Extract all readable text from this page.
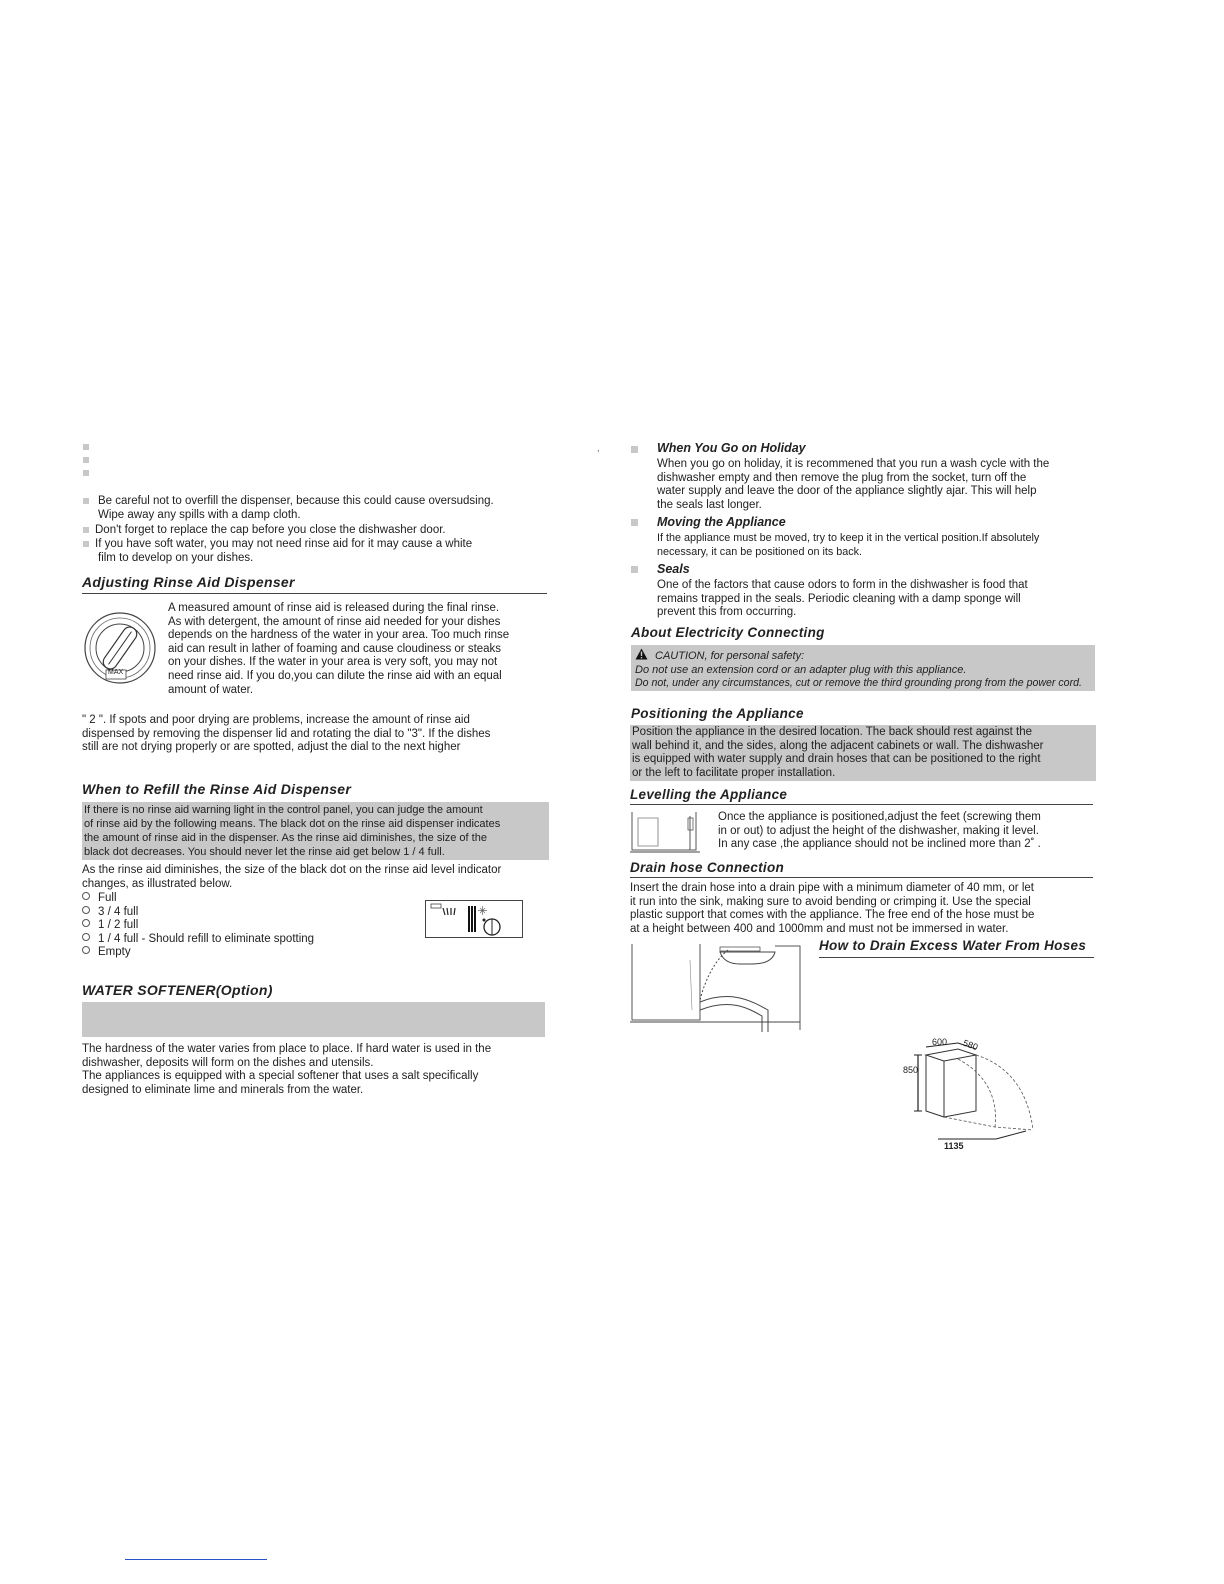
Be careful not to overfill the dispenser, because this could cause oversudsing.
Wipe away any spills with a damp cloth.
Don't forget to replace the cap before you close the dishwasher door.
If you have soft water, you may not need rinse aid for it may cause a white
film to develop on your dishes.
Adjusting Rinse Aid Dispenser
MAX
A measured amount of rinse aid is released during the final rinse.
As with detergent, the amount of rinse aid needed for your dishes
depends on the hardness of the water in your area. Too much rinse
aid can result in lather of foaming and cause cloudiness or steaks
on your dishes. If the water in your area is very soft, you may not
need rinse aid. If you do,you can dilute the rinse aid with an equal
amount of water.
" 2 ". If spots and poor drying are problems, increase the amount of rinse aid
dispensed by removing the dispenser lid and rotating the dial to "3". If the dishes
still are not drying properly or are spotted, adjust the dial to the next higher
When to Refill the Rinse Aid Dispenser
If there is no rinse aid warning light in the control panel, you can judge the amount
of rinse aid by the following means. The black dot on the rinse aid dispenser indicates
the amount of rinse aid in the dispenser. As the rinse aid diminishes, the size of the
black dot decreases. You should never let the rinse aid get below 1 / 4 full.
As the rinse aid diminishes, the size of the black dot on the rinse aid level indicator
changes, as illustrated below.
Full
3 / 4 full
1 / 2 full
1 / 4 full - Should refill to eliminate spotting
Empty
WATER SOFTENER(Option)
The hardness of the water varies from place to place. If hard water is used in the
dishwasher, deposits will form on the dishes and utensils.
The appliances is equipped with a special softener that uses a salt specifically
designed to eliminate lime and minerals from the water.
,	When You Go on Holiday
When you go on holiday, it is recommened that you run a wash cycle with the
dishwasher empty and then remove the plug from the socket, turn off the
water supply and leave the door of the appliance slightly ajar. This will help
the seals last longer.
Moving the Appliance
If the appliance must be moved, try to keep it in the vertical position.If absolutely
necessary, it can be positioned on its back.
Seals
One of the factors that cause odors to form in the dishwasher is food that
remains trapped in the seals. Periodic cleaning with a damp sponge will
prevent this from occurring.
About Electricity Connecting
CAUTION, for personal safety:
Do not use an extension cord or an adapter plug with this appliance.
Do not, under any circumstances, cut or remove the third grounding prong from the power cord.
Positioning the Appliance
Position the appliance in the desired location. The back should rest against the
wall behind it, and the sides, along the adjacent cabinets or wall. The dishwasher
is equipped with water supply and drain hoses that can be positioned to the right
or the left to facilitate proper installation.
Levelling the Appliance
Once the appliance is positioned,adjust the feet (screwing them
in or out) to adjust the height of the dishwasher, making it level.
In any case ,the appliance should not be inclined more than 2˚ .
Drain hose Connection
Insert the drain hose into a drain pipe with a minimum diameter of 40 mm, or let
it run into the sink, making sure to avoid bending or crimping it. Use the special
plastic support that comes with the appliance. The free end of the hose must be
at a height between 400 and 1000mm and must not be immersed in water.
How to Drain Excess Water From Hoses
600 580
850
1135
